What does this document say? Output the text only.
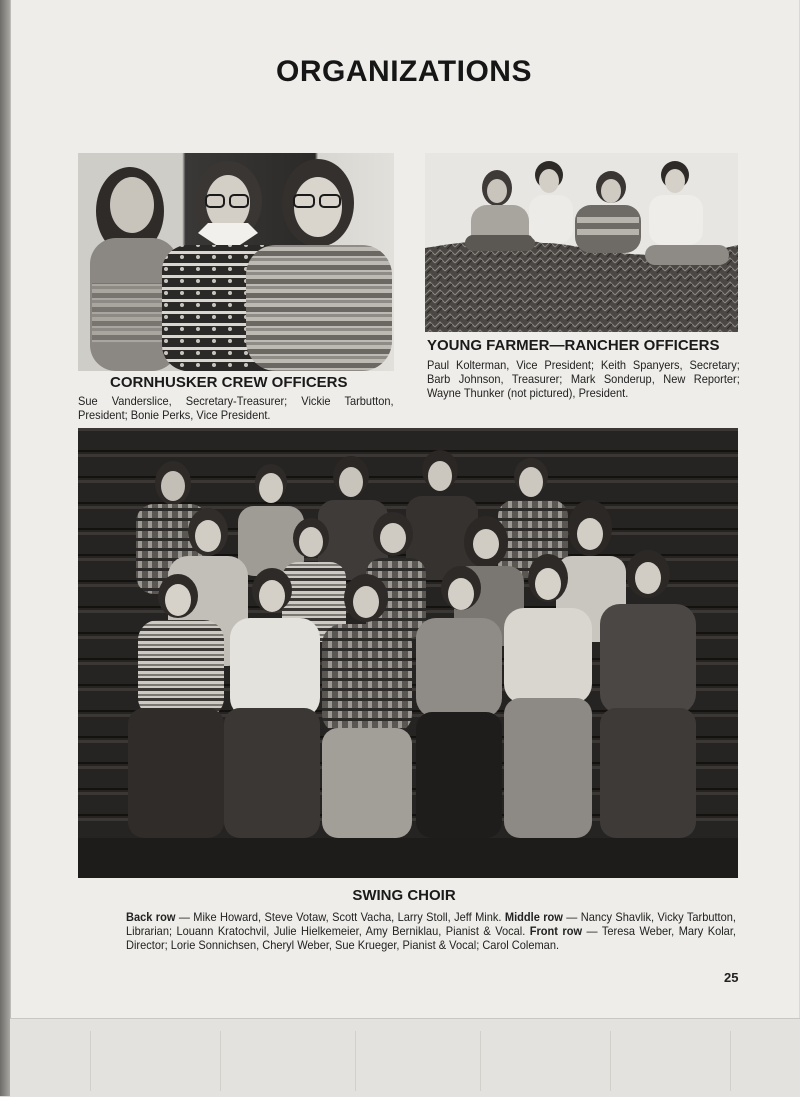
ORGANIZATIONS
CORNHUSKER CREW OFFICERS

Sue Vanderslice, Secretary-Treasurer; Vickie Tarbutton, President; Bonie Perks, Vice President.

YOUNG FARMER—RANCHER OFFICERS

Paul Kolterman, Vice President; Keith Spanyers, Secretary; Barb Johnson, Treasurer; Mark Sonderup, New Reporter; Wayne Thunker (not pictured), President.

SWING CHOIR

Back row — Mike Howard, Steve Votaw, Scott Vacha, Larry Stoll, Jeff Mink. Middle row — Nancy Shavlik, Vicky Tarbutton, Librarian; Louann Kratochvil, Julie Hielkemeier, Amy Berniklau, Pianist & Vocal. Front row — Teresa Weber, Mary Kolar, Director; Lorie Sonnichsen, Cheryl Weber, Sue Krueger, Pianist & Vocal; Carol Coleman.

25
